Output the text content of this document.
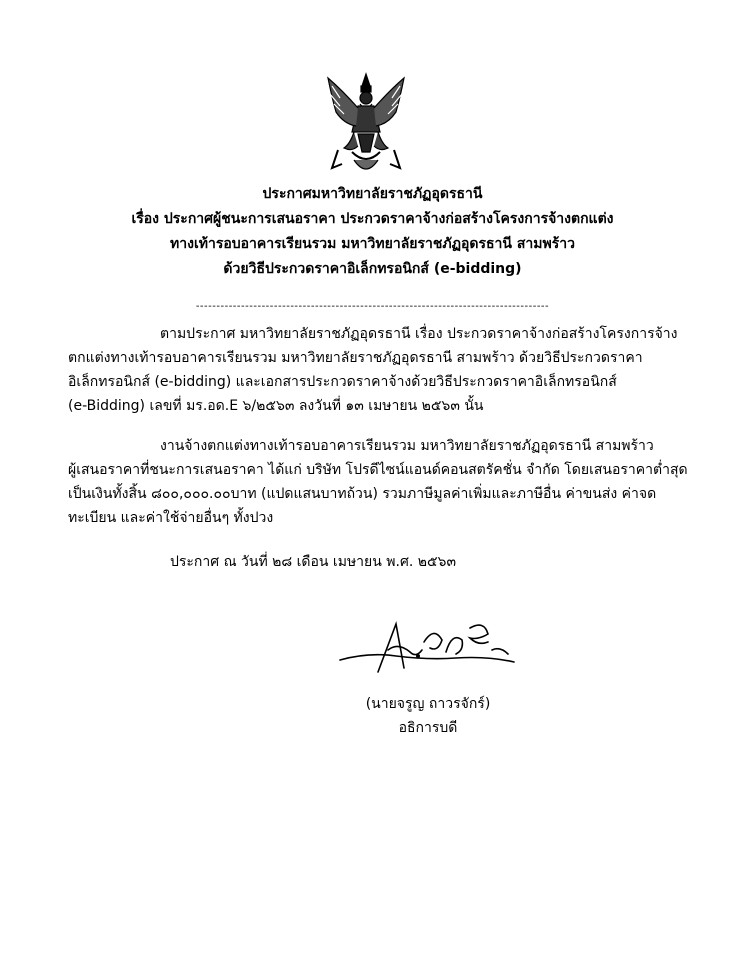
ประกาศมหาวิทยาลัยราชภัฏอุดรธานี
เรื่อง ประกาศผู้ชนะการเสนอราคา ประกวดราคาจ้างก่อสร้างโครงการจ้างตกแต่ง
ทางเท้ารอบอาคารเรียนรวม มหาวิทยาลัยราชภัฏอุดรธานี สามพร้าว
ด้วยวิธีประกวดราคาอิเล็กทรอนิกส์ (e-bidding)
--------------------------------------------------------------------------------------
ตามประกาศ มหาวิทยาลัยราชภัฏอุดรธานี เรื่อง ประกวดราคาจ้างก่อสร้างโครงการจ้าง
ตกแต่งทางเท้ารอบอาคารเรียนรวม มหาวิทยาลัยราชภัฏอุดรธานี สามพร้าว ด้วยวิธีประกวดราคา
อิเล็กทรอนิกส์ (e-bidding) และเอกสารประกวดราคาจ้างด้วยวิธีประกวดราคาอิเล็กทรอนิกส์
(e-Bidding) เลขที่ มร.อด.E ๖/๒๕๖๓ ลงวันที่ ๑๓ เมษายน ๒๕๖๓ นั้น
งานจ้างตกแต่งทางเท้ารอบอาคารเรียนรวม มหาวิทยาลัยราชภัฏอุดรธานี สามพร้าว
ผู้เสนอราคาที่ชนะการเสนอราคา ได้แก่ บริษัท โปรดีไซน์แอนด์คอนสตรัคชั่น จำกัด โดยเสนอราคาต่ำสุด
เป็นเงินทั้งสิ้น ๘๐๐,๐๐๐.๐๐บาท (แปดแสนบาทถ้วน) รวมภาษีมูลค่าเพิ่มและภาษีอื่น ค่าขนส่ง ค่าจด
ทะเบียน และค่าใช้จ่ายอื่นๆ ทั้งปวง
ประกาศ ณ วันที่ ๒๘ เดือน เมษายน พ.ศ. ๒๕๖๓
(นายจรูญ ถาวรจักร์)
อธิการบดี
